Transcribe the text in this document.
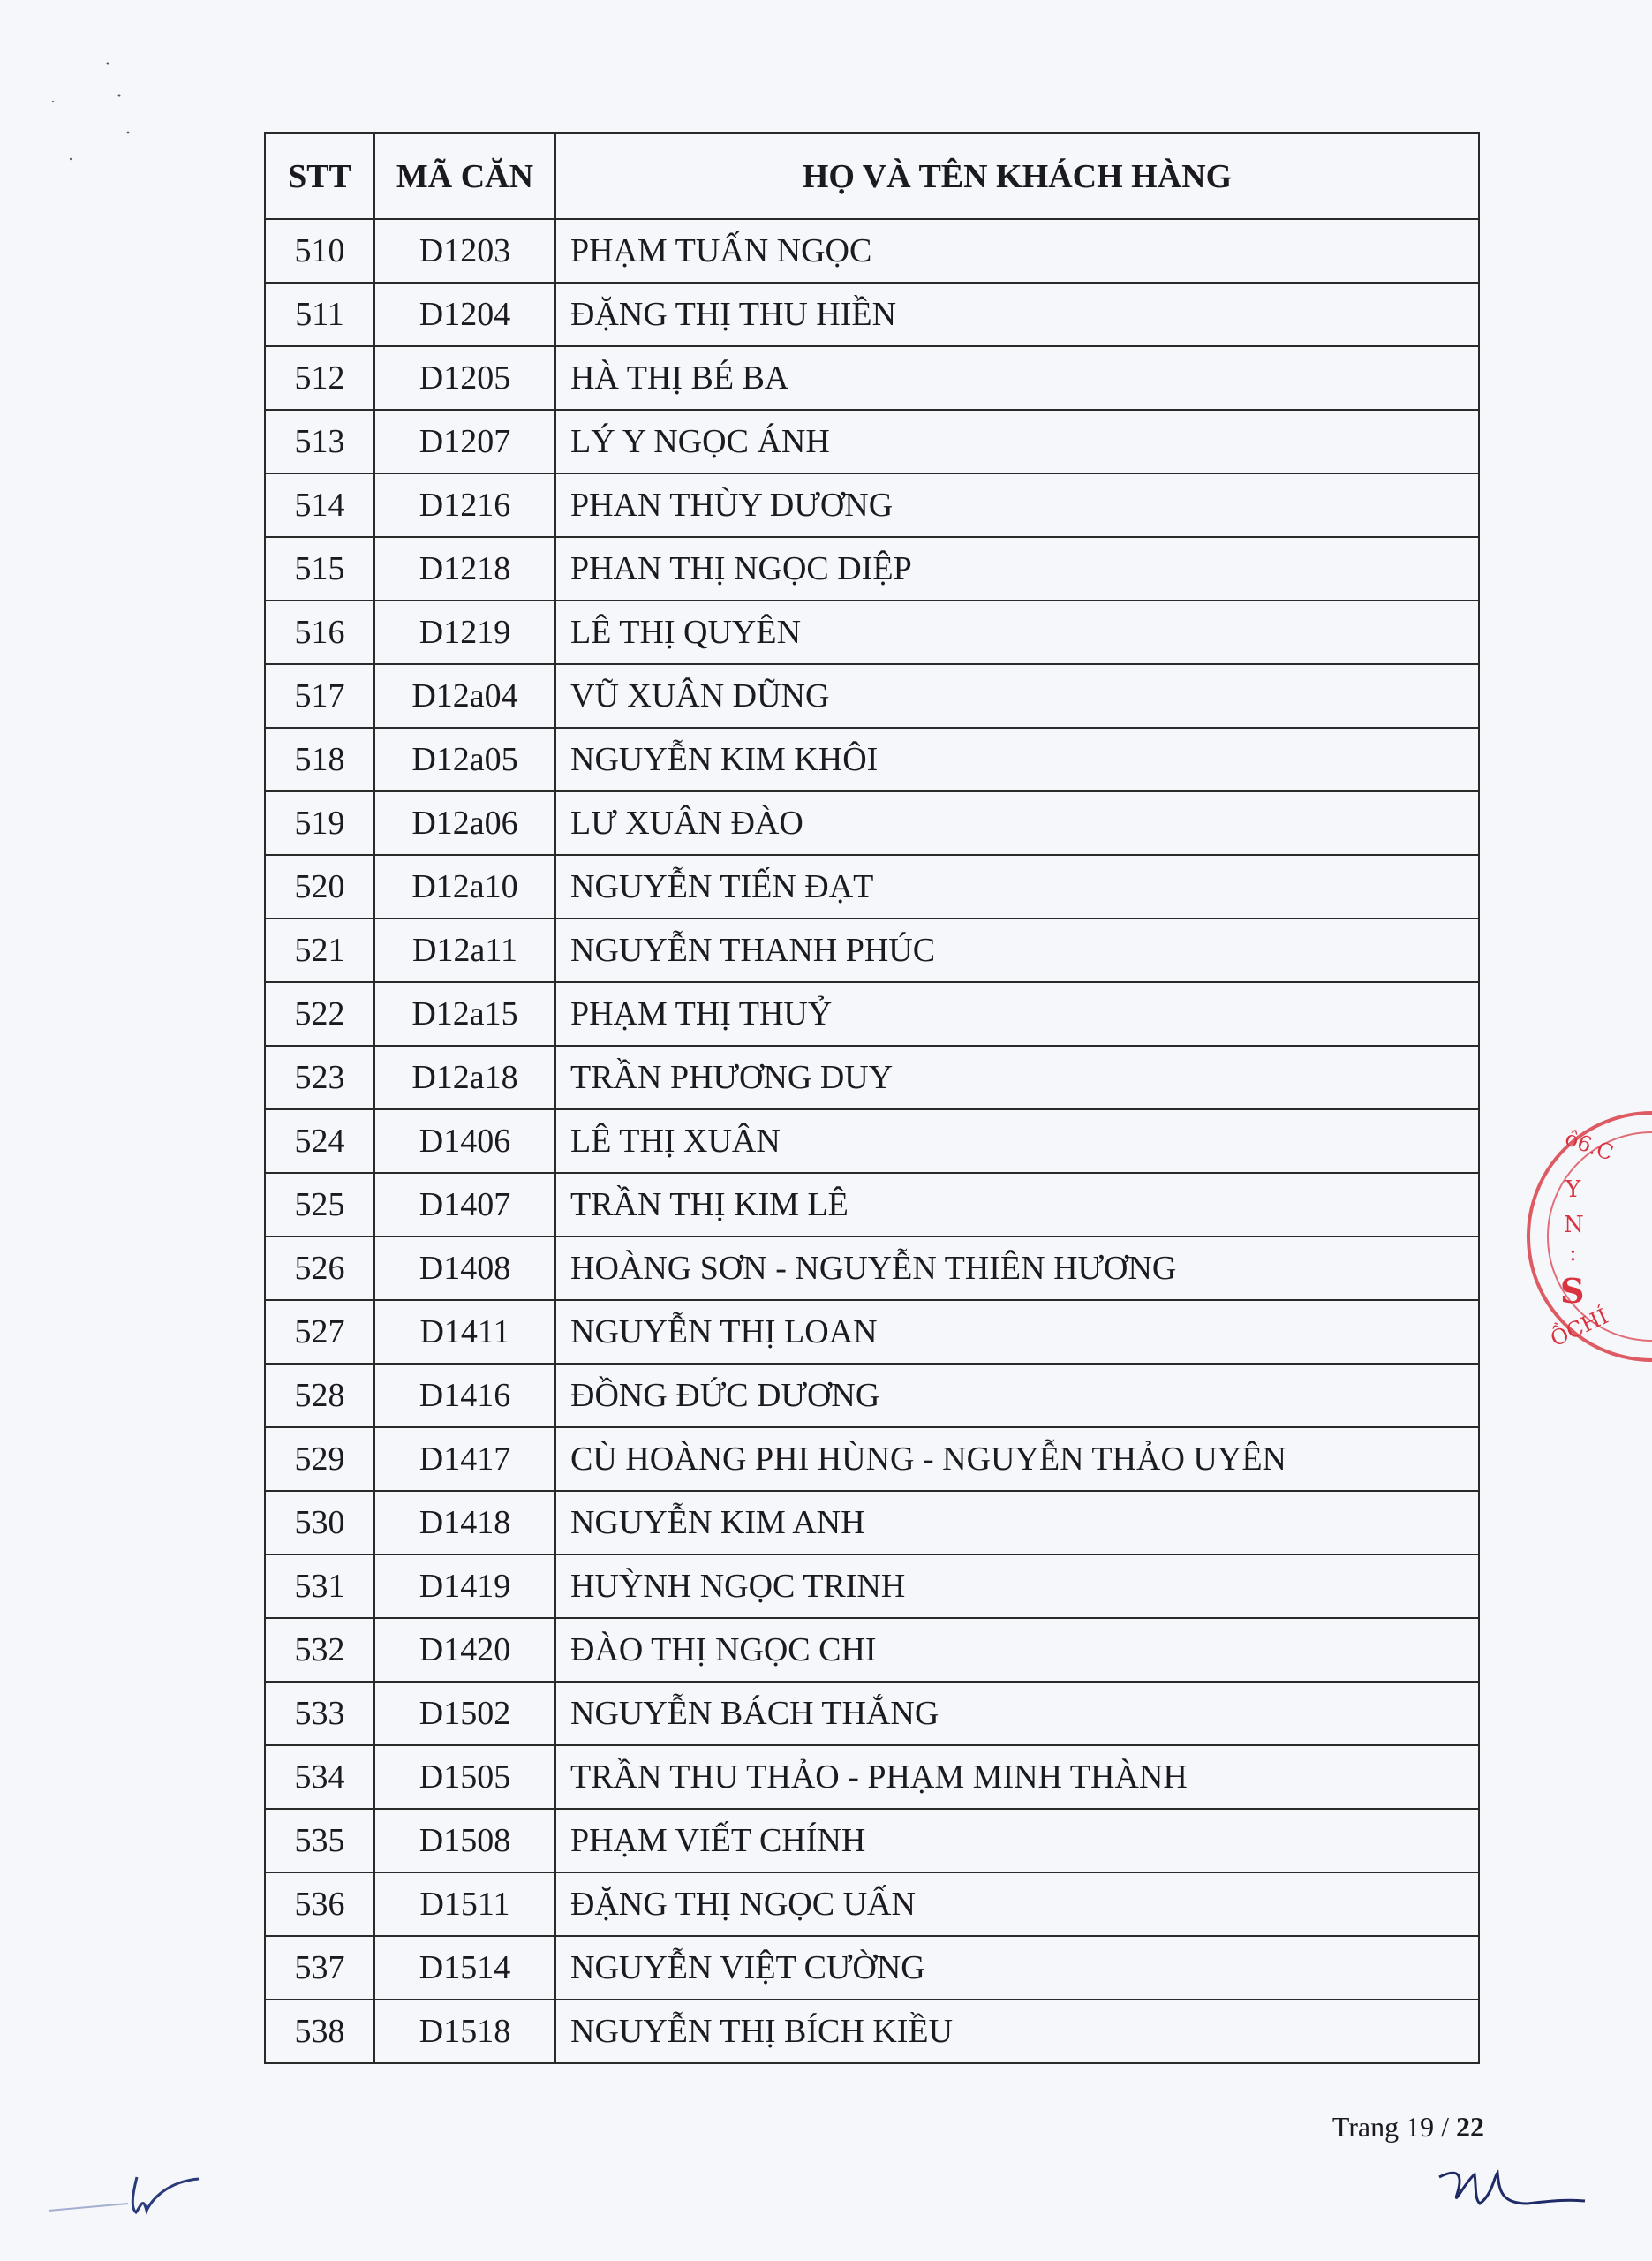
STT	MÃ CĂN	HỌ VÀ TÊN KHÁCH HÀNG
510	D1203	PHẠM TUẤN NGỌC
511	D1204	ĐẶNG THỊ THU HIỀN
512	D1205	HÀ THỊ BÉ BA
513	D1207	LÝ Y NGỌC ÁNH
514	D1216	PHAN THÙY DƯƠNG
515	D1218	PHAN THỊ NGỌC DIỆP
516	D1219	LÊ THỊ QUYÊN
517	D12a04	VŨ XUÂN DŨNG
518	D12a05	NGUYỄN KIM KHÔI
519	D12a06	LƯ XUÂN ĐÀO
520	D12a10	NGUYỄN TIẾN ĐẠT
521	D12a11	NGUYỄN THANH PHÚC
522	D12a15	PHẠM THỊ THUỶ
523	D12a18	TRẦN PHƯƠNG DUY
524	D1406	LÊ THỊ XUÂN
525	D1407	TRẦN THỊ KIM LÊ
526	D1408	HOÀNG SƠN - NGUYỄN THIÊN HƯƠNG
527	D1411	NGUYỄN THỊ LOAN
528	D1416	ĐỒNG ĐỨC DƯƠNG
529	D1417	CÙ HOÀNG PHI HÙNG - NGUYỄN THẢO UYÊN
530	D1418	NGUYỄN KIM ANH
531	D1419	HUỲNH NGỌC TRINH
532	D1420	ĐÀO THỊ NGỌC CHI
533	D1502	NGUYỄN BÁCH THẮNG
534	D1505	TRẦN THU THẢO - PHẠM MINH THÀNH
535	D1508	PHẠM VIẾT CHÍNH
536	D1511	ĐẶNG THỊ NGỌC UẤN
537	D1514	NGUYỄN VIỆT CƯỜNG
538	D1518	NGUYỄN THỊ BÍCH KIỀU
Trang 19 / 22
ô6.C
Y
N
:
S
ỒCHÍ
